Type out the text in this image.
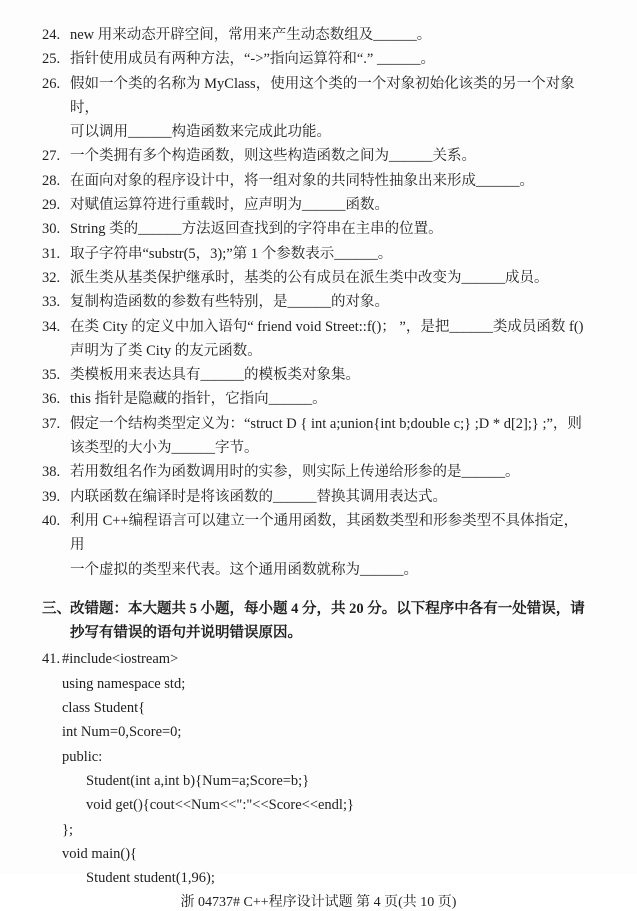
24. new 用来动态开辟空间，常用来产生动态数组及______。
25. 指针使用成员有两种方法，“->”指向运算符和“.” ______。
26. 假如一个类的名称为 MyClass，使用这个类的一个对象初始化该类的另一个对象时，
可以调用______构造函数来完成此功能。
27. 一个类拥有多个构造函数，则这些构造函数之间为______关系。
28. 在面向对象的程序设计中，将一组对象的共同特性抽象出来形成______。
29. 对赋值运算符进行重载时，应声明为______函数。
30. String 类的______方法返回查找到的字符串在主串的位置。
31. 取子字符串“substr(5，3);”第 1 个参数表示______。
32. 派生类从基类保护继承时，基类的公有成员在派生类中改变为______成员。
33. 复制构造函数的参数有些特别，是______的对象。
34. 在类 City 的定义中加入语句“ friend void Street::f()； ”，是把______类成员函数 f()
声明为了类 City 的友元函数。
35. 类模板用来表达具有______的模板类对象集。
36. this 指针是隐藏的指针，它指向______。
37. 假定一个结构类型定义为：“struct D { int a;union{int b;double c;} ;D * d[2];} ;”，则
该类型的大小为______字节。
38. 若用数组名作为函数调用时的实参，则实际上传递给形参的是______。
39. 内联函数在编译时是将该函数的______替换其调用表达式。
40. 利用 C++编程语言可以建立一个通用函数，其函数类型和形参类型不具体指定，用
一个虚拟的类型来代表。这个通用函数就称为______。
三、 改错题：本大题共 5 小题，每小题 4 分，共 20 分。以下程序中各有一处错误，请
抄写有错误的语句并说明错误原因。
41. #include<iostream>
using namespace std;
class Student{
int Num=0,Score=0;
public:
Student(int a,int b){Num=a;Score=b;}
void get(){cout<<Num<<":"<<Score<<endl;}
};
void main(){
Student student(1,96);
浙 04737# C++程序设计试题 第 4 页(共 10 页)
